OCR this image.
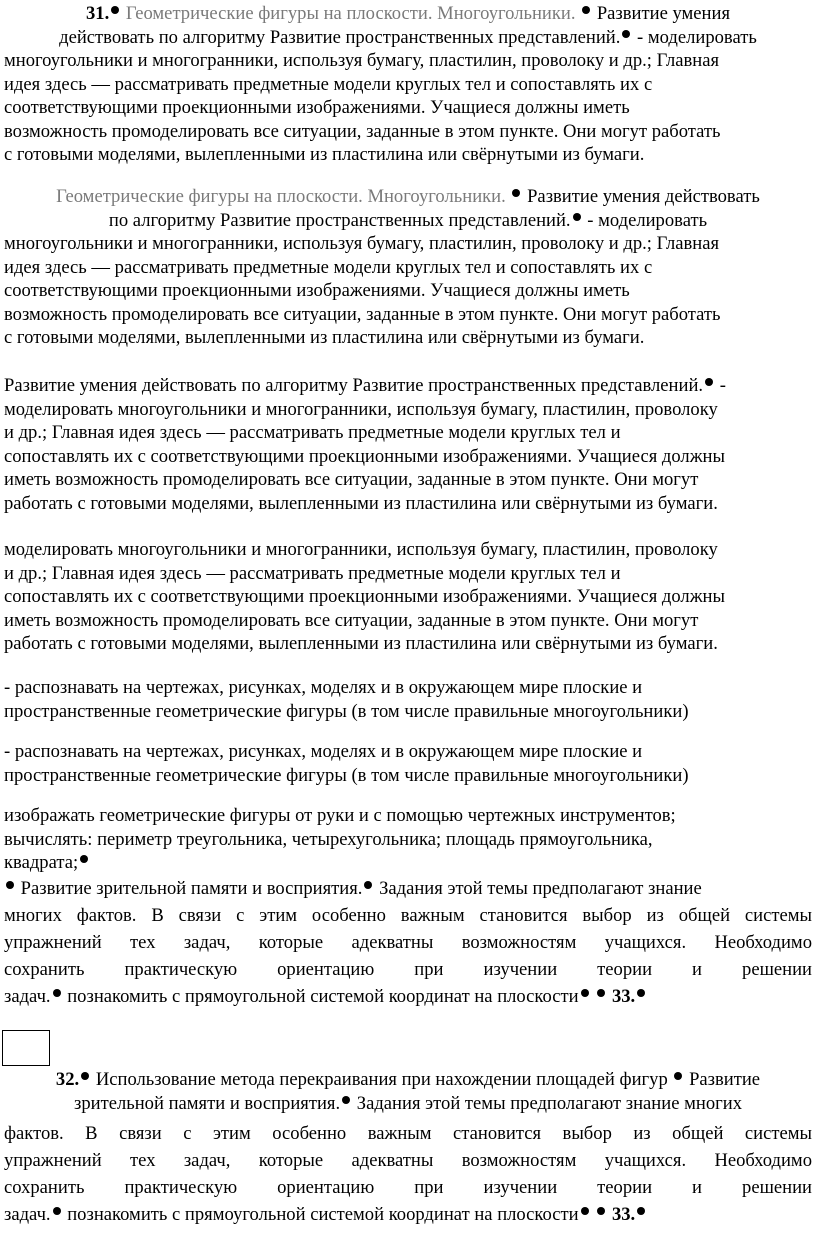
31. Геометрические фигуры на плоскости. Многоугольники. Развитие умения
действовать по алгоритму Развитие пространственных представлений. - моделировать
многоугольники и многогранники, используя бумагу, пластилин, проволоку и др.; Главная
идея здесь — рассматривать предметные модели круглых тел и сопоставлять их с
соответствующими проекционными изображениями. Учащиеся должны иметь
возможность промоделировать все ситуации, заданные в этом пункте. Они могут работать
с готовыми моделями, вылепленными из пластилина или свёрнутыми из бумаги.
Геометрические фигуры на плоскости. Многоугольники. Развитие умения действовать
по алгоритму Развитие пространственных представлений. - моделировать
многоугольники и многогранники, используя бумагу, пластилин, проволоку и др.; Главная
идея здесь — рассматривать предметные модели круглых тел и сопоставлять их с
соответствующими проекционными изображениями. Учащиеся должны иметь
возможность промоделировать все ситуации, заданные в этом пункте. Они могут работать
с готовыми моделями, вылепленными из пластилина или свёрнутыми из бумаги.
Развитие умения действовать по алгоритму Развитие пространственных представлений. -
моделировать многоугольники и многогранники, используя бумагу, пластилин, проволоку
и др.; Главная идея здесь — рассматривать предметные модели круглых тел и
сопоставлять их с соответствующими проекционными изображениями. Учащиеся должны
иметь возможность промоделировать все ситуации, заданные в этом пункте. Они могут
работать с готовыми моделями, вылепленными из пластилина или свёрнутыми из бумаги.
моделировать многоугольники и многогранники, используя бумагу, пластилин, проволоку
и др.; Главная идея здесь — рассматривать предметные модели круглых тел и
сопоставлять их с соответствующими проекционными изображениями. Учащиеся должны
иметь возможность промоделировать все ситуации, заданные в этом пункте. Они могут
работать с готовыми моделями, вылепленными из пластилина или свёрнутыми из бумаги.
- распознавать на чертежах, рисунках, моделях и в окружающем мире плоские и
пространственные геометрические фигуры (в том числе правильные многоугольники)
- распознавать на чертежах, рисунках, моделях и в окружающем мире плоские и
пространственные геометрические фигуры (в том числе правильные многоугольники)
изображать геометрические фигуры от руки и с помощью чертежных инструментов;
вычислять: периметр треугольника, четырехугольника; площадь прямоугольника,
квадрата;
Развитие зрительной памяти и восприятия. Задания этой темы предполагают знание
многих фактов. В связи с этим особенно важным становится выбор из общей системы
упражнений тех задач, которые адекватны возможностям учащихся. Необходимо
сохранить практическую ориентацию при изучении теории и решении
задач. познакомить с прямоугольной системой координат на плоскости 33.
32. Использование метода перекраивания при нахождении площадей фигур Развитие
зрительной памяти и восприятия. Задания этой темы предполагают знание многих
фактов. В связи с этим особенно важным становится выбор из общей системы
упражнений тех задач, которые адекватны возможностям учащихся. Необходимо
сохранить практическую ориентацию при изучении теории и решении
задач. познакомить с прямоугольной системой координат на плоскости 33.
